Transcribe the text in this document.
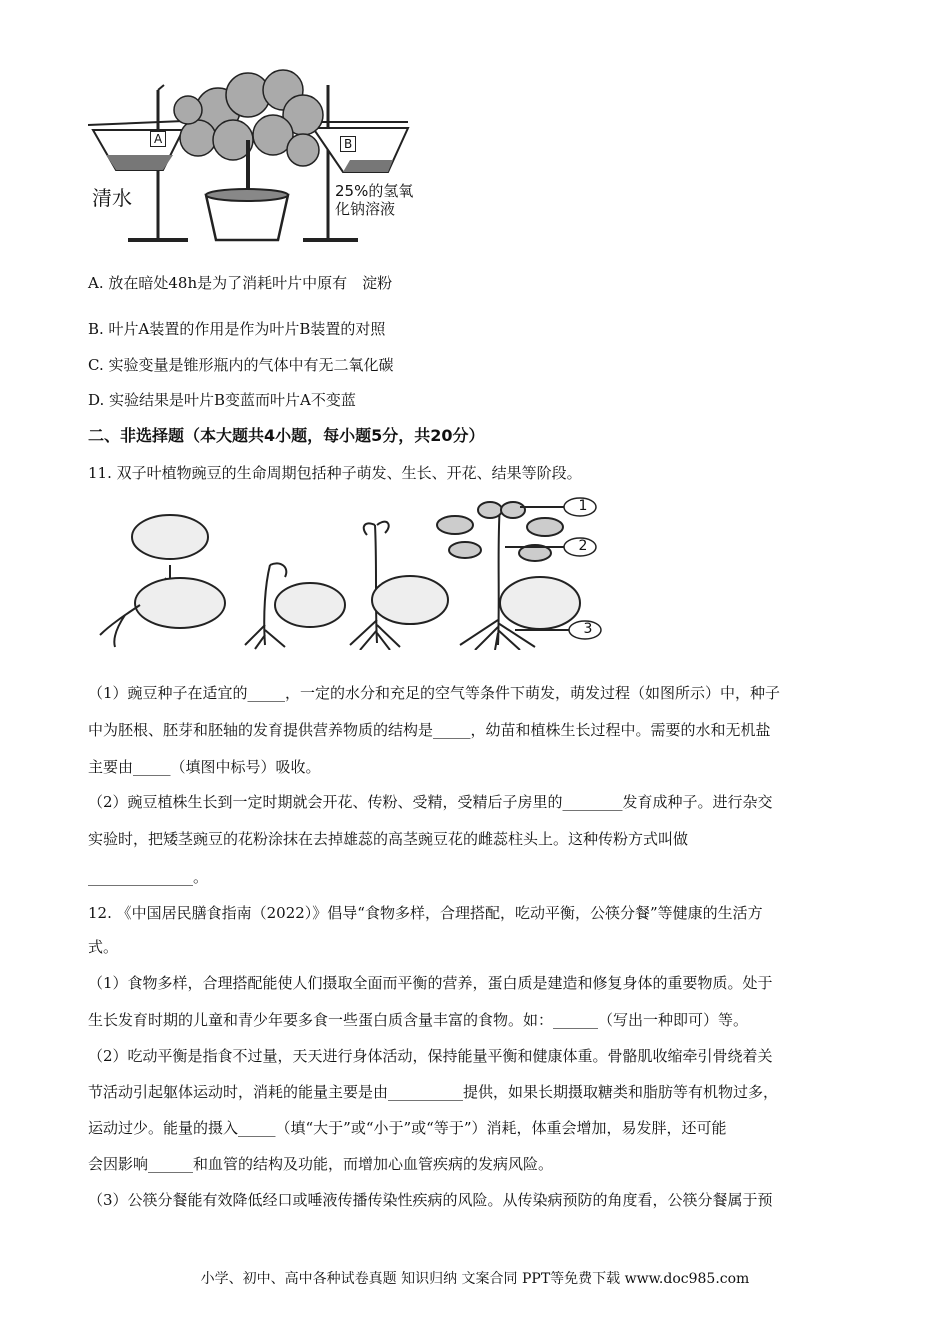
A	B
清水	25%的氢氧
化钠溶液
A. 放在暗处48h是为了消耗叶片中原有　淀粉
B. 叶片A装置的作用是作为叶片B装置的对照
C. 实验变量是锥形瓶内的气体中有无二氧化碳
D. 实验结果是叶片B变蓝而叶片A不变蓝
二、非选择题（本大题共4小题，每小题5分，共20分）
11. 双子叶植物豌豆的生命周期包括种子萌发、生长、开花、结果等阶段。
1
2
3
（1）豌豆种子在适宜的_____，一定的水分和充足的空气等条件下萌发，萌发过程（如图所示）中，种子
中为胚根、胚芽和胚轴的发育提供营养物质的结构是_____，幼苗和植株生长过程中。需要的水和无机盐
主要由_____（填图中标号）吸收。
（2）豌豆植株生长到一定时期就会开花、传粉、受精，受精后子房里的________发育成种子。进行杂交
实验时，把矮茎豌豆的花粉涂抹在去掉雄蕊的高茎豌豆花的雌蕊柱头上。这种传粉方式叫做
______________。
12. 《中国居民膳食指南（2022）》倡导“食物多样，合理搭配，吃动平衡，公筷分餐”等健康的生活方
式。
（1）食物多样，合理搭配能使人们摄取全面而平衡的营养，蛋白质是建造和修复身体的重要物质。处于
生长发育时期的儿童和青少年要多食一些蛋白质含量丰富的食物。如：______（写出一种即可）等。
（2）吃动平衡是指食不过量，天天进行身体活动，保持能量平衡和健康体重。骨骼肌收缩牵引骨绕着关
节活动引起躯体运动时，消耗的能量主要是由__________提供，如果长期摄取糖类和脂肪等有机物过多，
运动过少。能量的摄入_____（填“大于”或“小于”或“等于”）消耗，体重会增加，易发胖，还可能
会因影响______和血管的结构及功能，而增加心血管疾病的发病风险。
（3）公筷分餐能有效降低经口或唾液传播传染性疾病的风险。从传染病预防的角度看，公筷分餐属于预
小学、初中、高中各种试卷真题 知识归纳 文案合同 PPT等免费下载 www.doc985.com
